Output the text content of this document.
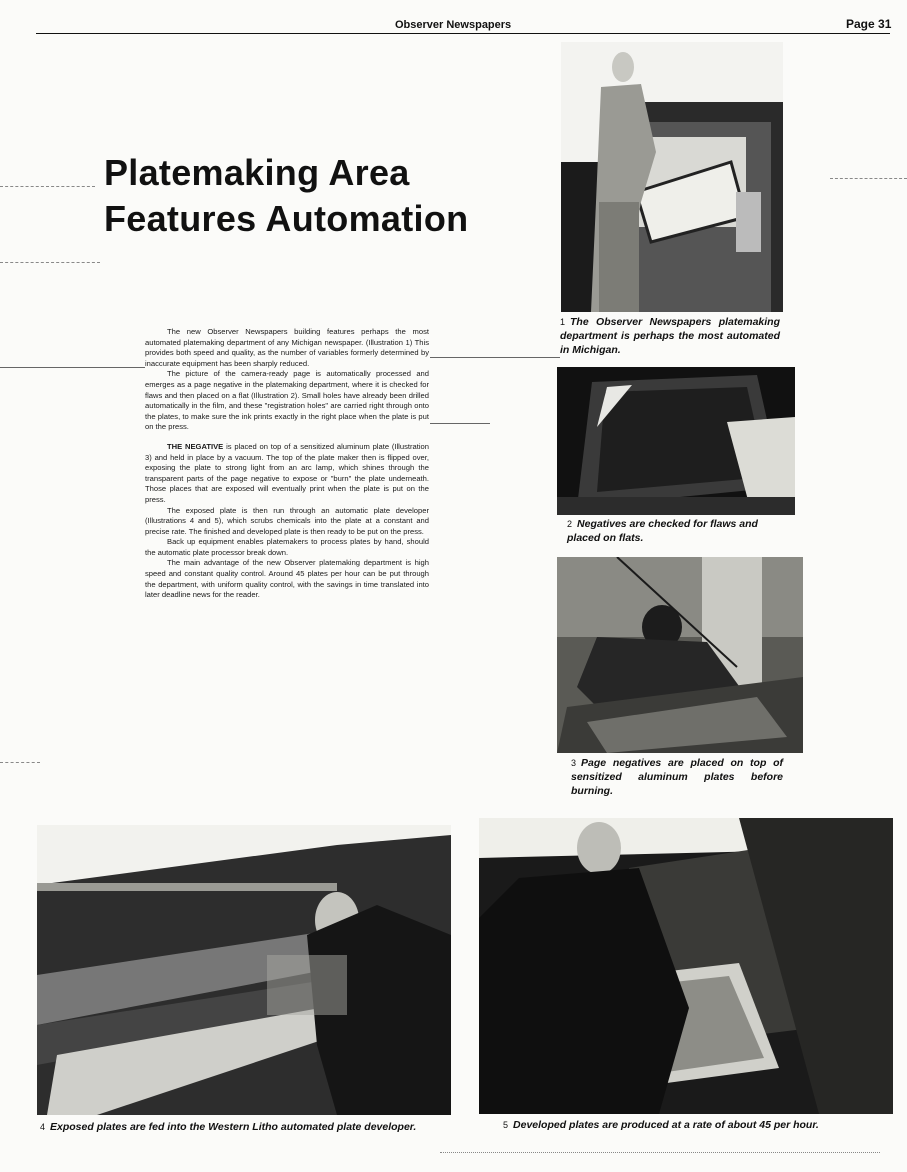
Observer Newspapers	Page 31
Platemaking Area
Features Automation

The new Observer Newspapers building features perhaps the most automated platemaking department of any Michigan newspaper. (Illustration 1) This provides both speed and quality, as the number of variables formerly determined by inaccurate equipment has been sharply reduced.

The picture of the camera-ready page is automatically processed and emerges as a page negative in the platemaking department, where it is checked for flaws and then placed on a flat (Illustration 2). Small holes have already been drilled automatically in the film, and these "registration holes" are carried right through onto the plates, to make sure the ink prints exactly in the right place when the plate is put on the press.

THE NEGATIVE is placed on top of a sensitized aluminum plate (Illustration 3) and held in place by a vacuum. The top of the plate maker then is flipped over, exposing the plate to strong light from an arc lamp, which shines through the transparent parts of the page negative to expose or "burn" the plate underneath. Those places that are exposed will eventually print when the plate is put on the press.

The exposed plate is then run through an automatic plate developer (Illustrations 4 and 5), which scrubs chemicals into the plate at a constant and precise rate. The finished and developed plate is then ready to be put on the press.

Back up equipment enables platemakers to process plates by hand, should the automatic plate processor break down.

The main advantage of the new Observer platemaking department is high speed and constant quality control. Around 45 plates per hour can be put through the department, with uniform quality control, with the savings in time translated into later deadline news for the reader.

1 The Observer Newspapers platemaking department is perhaps the most automated in Michigan.
2 Negatives are checked for flaws and placed on flats.
3 Page negatives are placed on top of sensitized aluminum plates before burning.
4 Exposed plates are fed into the Western Litho automated plate developer.	5 Developed plates are produced at a rate of about 45 per hour.
